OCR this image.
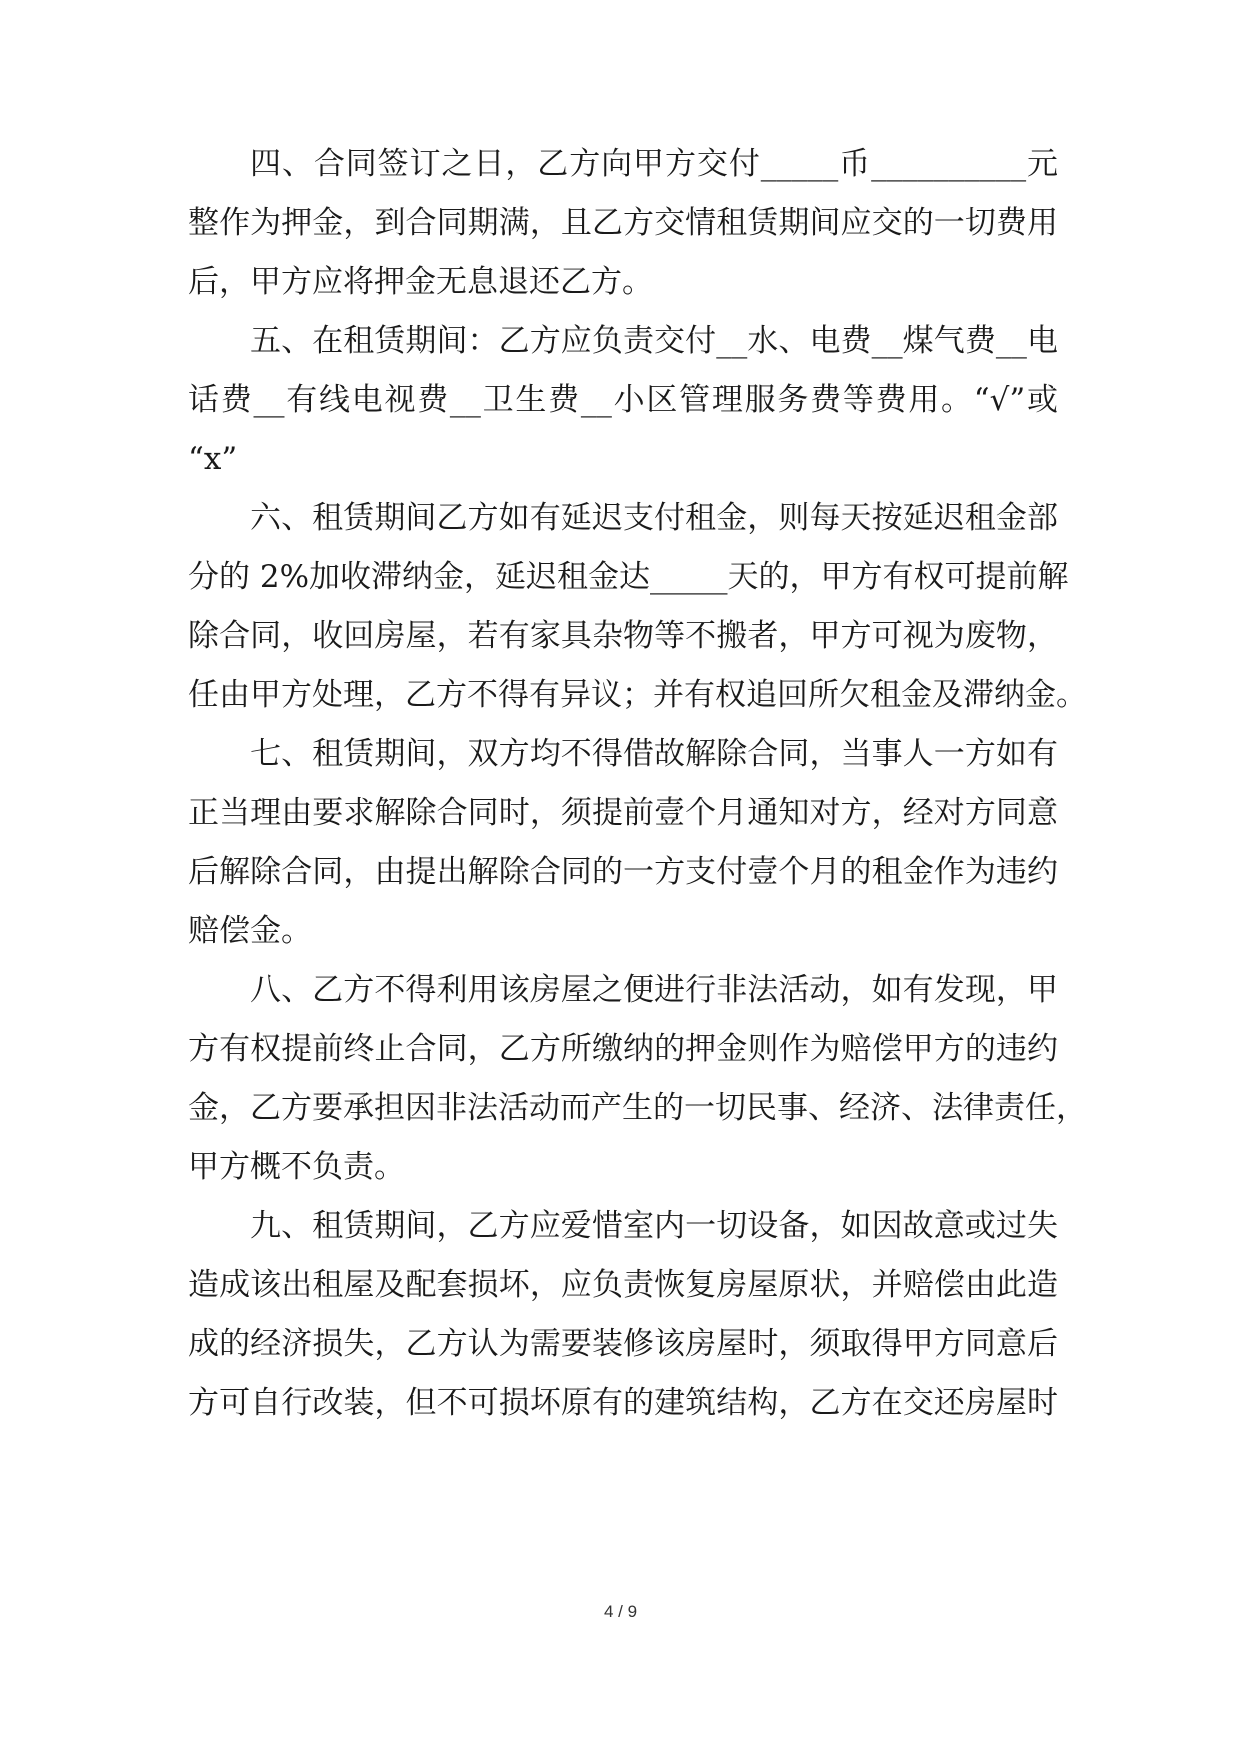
四、合同签订之日，乙方向甲方交付_____币__________元
整作为押金，到合同期满，且乙方交情租赁期间应交的一切费用
后，甲方应将押金无息退还乙方。
五、在租赁期间：乙方应负责交付__水、电费__煤气费__电
话费__有线电视费__卫生费__小区管理服务费等费用。“√”或
“x”
六、租赁期间乙方如有延迟支付租金，则每天按延迟租金部
分的 2%加收滞纳金，延迟租金达_____天的，甲方有权可提前解
除合同，收回房屋，若有家具杂物等不搬者，甲方可视为废物，
任由甲方处理，乙方不得有异议；并有权追回所欠租金及滞纳金。
七、租赁期间，双方均不得借故解除合同，当事人一方如有
正当理由要求解除合同时，须提前壹个月通知对方，经对方同意
后解除合同，由提出解除合同的一方支付壹个月的租金作为违约
赔偿金。
八、乙方不得利用该房屋之便进行非法活动，如有发现，甲
方有权提前终止合同，乙方所缴纳的押金则作为赔偿甲方的违约
金，乙方要承担因非法活动而产生的一切民事、经济、法律责任，
甲方概不负责。
九、租赁期间，乙方应爱惜室内一切设备，如因故意或过失
造成该出租屋及配套损坏，应负责恢复房屋原状，并赔偿由此造
成的经济损失，乙方认为需要装修该房屋时，须取得甲方同意后
方可自行改装，但不可损坏原有的建筑结构，乙方在交还房屋时
4 / 9
